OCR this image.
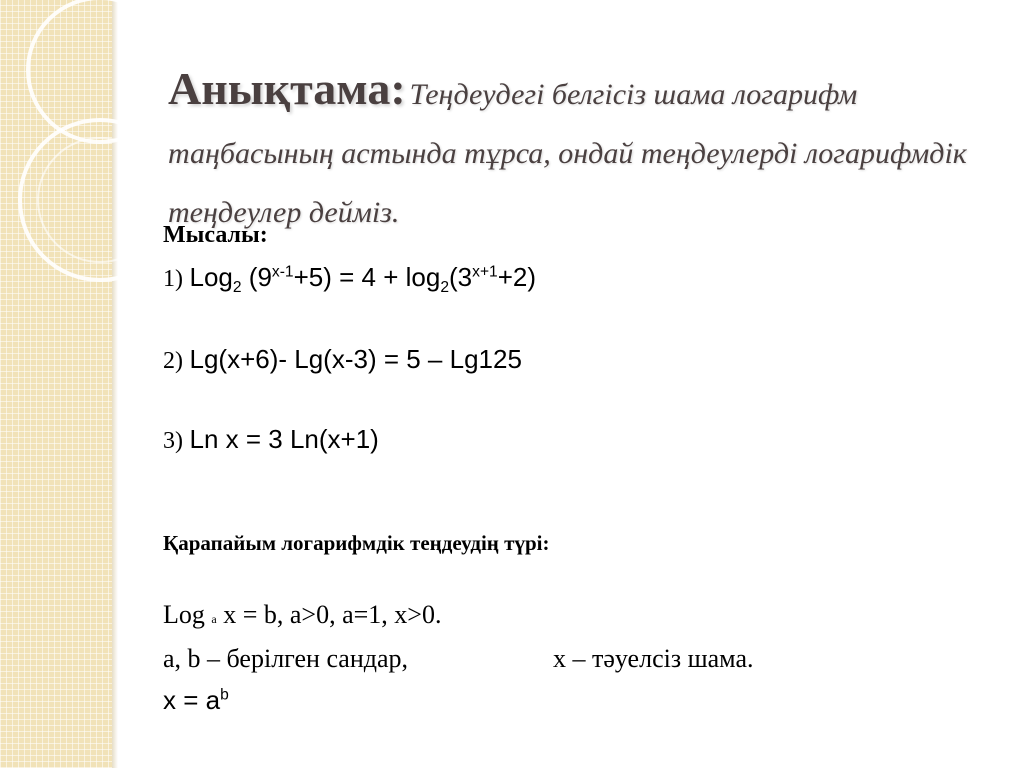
Анықтама: Теңдеудегі белгісіз шама логарифм таңбасының астында тұрса, ондай теңдеулерді логарифмдік теңдеулер дейміз.
Мысалы:
1) Log$_2$ $(9^{x-1}+5) = 4 + \log_2(3^{x+1}+2)$
2) Lg(x+6)- Lg(x-3) = 5 – Lg125
3) Ln x = 3 Ln(x+1)
Қарапайым логарифмдік теңдеудің түрі:
Log a x = b, a>0, a=1, x>0.
a, b – берілген сандар,	x – тәуелсіз шама.
$x = a^b$
